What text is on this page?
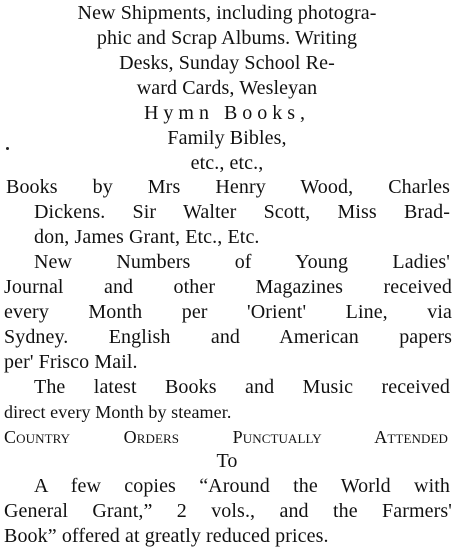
New Shipments, including photogra-
phic and Scrap Albums. Writing
Desks, Sunday School Re-
ward Cards, Wesleyan
Hymn Books,
Family Bibles,
etc., etc.,
Books by Mrs Henry Wood, Charles
Dickens. Sir Walter Scott, Miss Brad-
don, James Grant, Etc., Etc.
New Numbers of Young Ladies'
Journal and other Magazines received
every Month per 'Orient' Line, via
Sydney. English and American papers
per' Frisco Mail.
The latest Books and Music received
direct every Month by steamer.
Country Orders Punctually Attended
To
A few copies “Around the World with
General Grant,” 2 vols., and the Farmers'
Book” offered at greatly reduced prices.
